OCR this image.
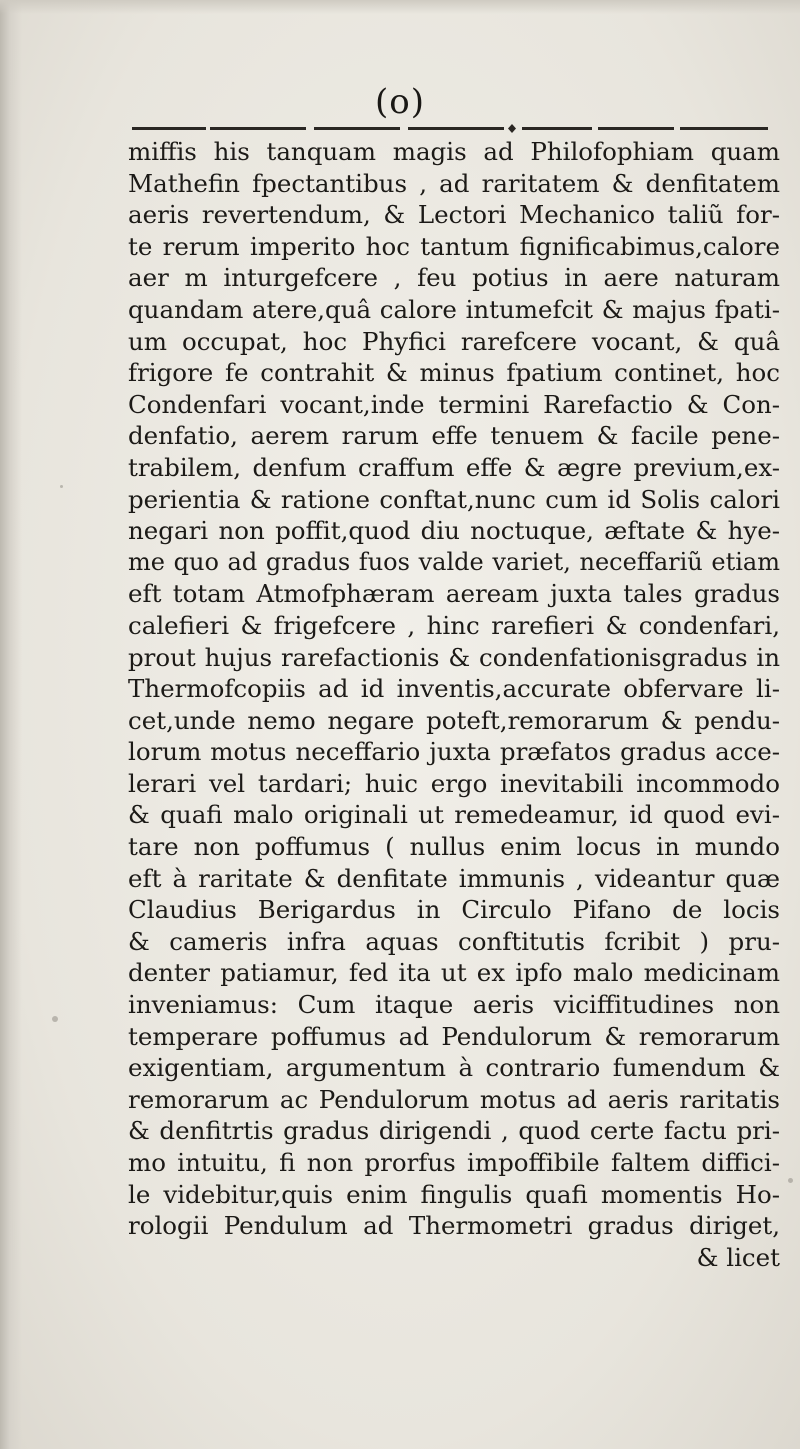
(o)
miffis his tanquam magis ad Philofophiam quam
Mathefin fpectantibus , ad raritatem & denfitatem
aeris revertendum, & Lectori Mechanico taliũ for-
te rerum imperito hoc tantum fignificabimus,calore
aer m inturgefcere , feu potius in aere naturam
quandam atere,quâ calore intumefcit & majus fpati-
um occupat, hoc Phyfici rarefcere vocant, & quâ
frigore fe contrahit & minus fpatium continet, hoc
Condenfari vocant,inde termini Rarefactio & Con-
denfatio, aerem rarum effe tenuem & facile pene-
trabilem, denfum craffum effe & ægre previum,ex-
perientia & ratione conftat,nunc cum id Solis calori
negari non poffit,quod diu noctuque, æftate & hye-
me quo ad gradus fuos valde variet, neceffariũ etiam
eft totam Atmofphæram aeream juxta tales gradus
calefieri & frigefcere , hinc rarefieri & condenfari,
prout hujus rarefactionis & condenfationisgradus in
Thermofcopiis ad id inventis,accurate obfervare li-
cet,unde nemo negare poteft,remorarum & pendu-
lorum motus neceffario juxta præfatos gradus acce-
lerari vel tardari; huic ergo inevitabili incommodo
& quafi malo originali ut remedeamur, id quod evi-
tare non poffumus ( nullus enim locus in mundo
eft à raritate & denfitate immunis , videantur quæ
Claudius Berigardus in Circulo Pifano de locis
& cameris infra aquas conftitutis fcribit ) pru-
denter patiamur, fed ita ut ex ipfo malo medicinam
inveniamus: Cum itaque aeris viciffitudines non
temperare poffumus ad Pendulorum & remorarum
exigentiam, argumentum à contrario fumendum &
remorarum ac Pendulorum motus ad aeris raritatis
& denfitrtis gradus dirigendi , quod certe factu pri-
mo intuitu, fi non prorfus impoffibile faltem diffici-
le videbitur,quis enim fingulis quafi momentis Ho-
rologii Pendulum ad Thermometri gradus diriget,
& licet
